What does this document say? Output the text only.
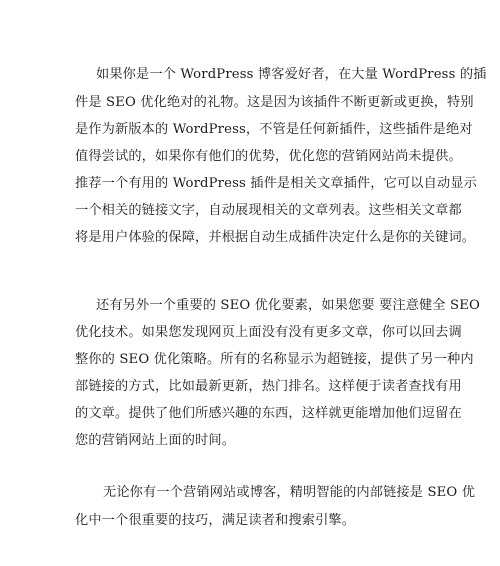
如果你是一个 WordPress 博客爱好者，在大量 WordPress 的插
件是 SEO 优化绝对的礼物。这是因为该插件不断更新或更换，特别
是作为新版本的 WordPress，不管是任何新插件，这些插件是绝对
值得尝试的，如果你有他们的优势，优化您的营销网站尚未提供。
推荐一个有用的 WordPress 插件是相关文章插件，它可以自动显示
一个相关的链接文字，自动展现相关的文章列表。这些相关文章都
将是用户体验的保障，并根据自动生成插件决定什么是你的关键词。
还有另外一个重要的 SEO 优化要素，如果您要 要注意健全 SEO
优化技术。如果您发现网页上面没有没有更多文章，你可以回去调
整你的 SEO 优化策略。所有的名称显示为超链接，提供了另一种内
部链接的方式，比如最新更新，热门排名。这样便于读者查找有用
的文章。提供了他们所感兴趣的东西，这样就更能增加他们逗留在
您的营销网站上面的时间。
无论你有一个营销网站或博客，精明智能的内部链接是 SEO 优
化中一个很重要的技巧，满足读者和搜索引擎。
